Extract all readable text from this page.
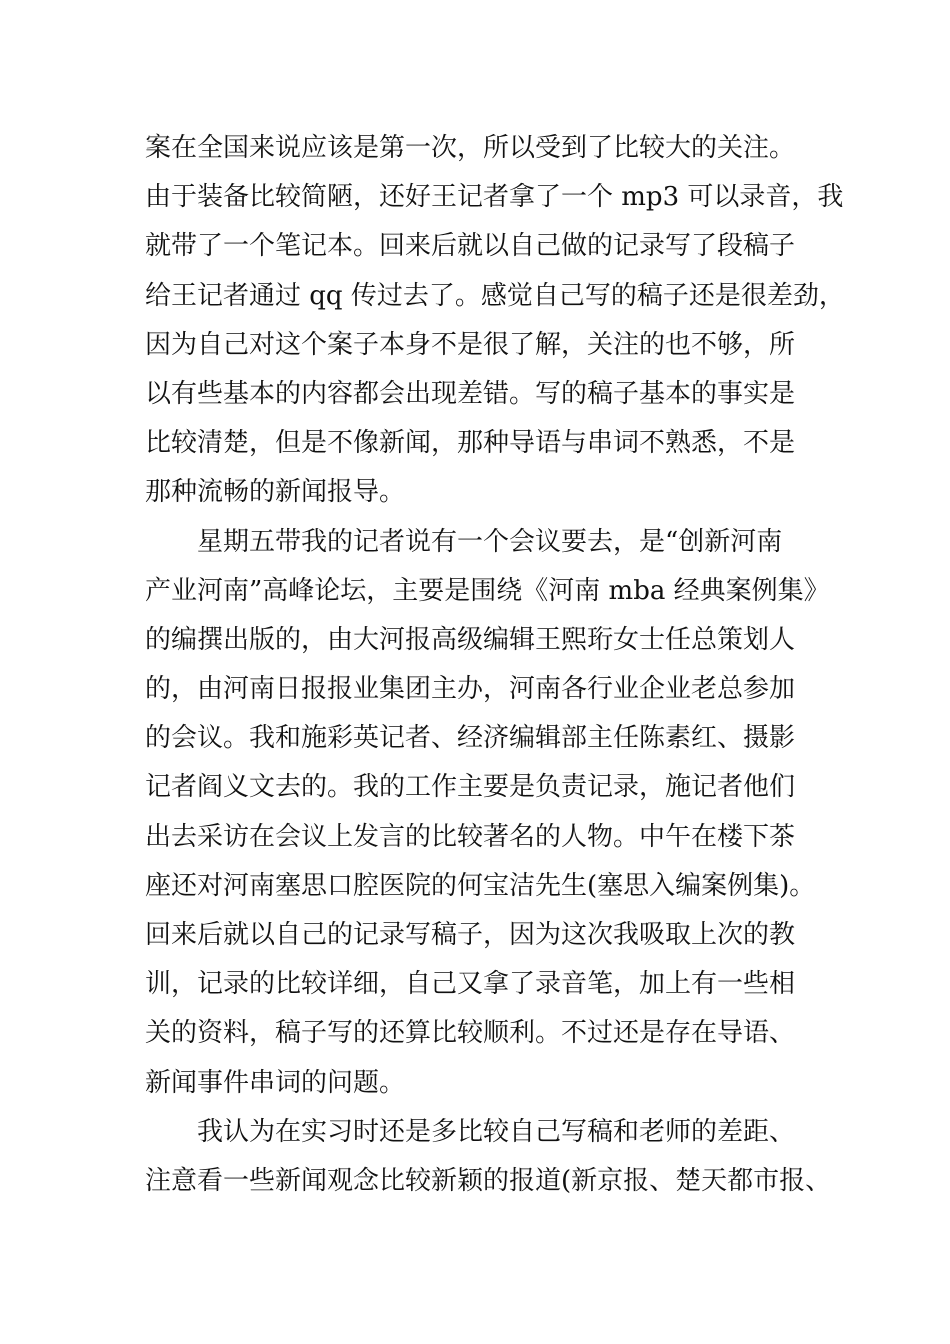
案在全国来说应该是第一次，所以受到了比较大的关注。
由于装备比较简陋，还好王记者拿了一个 mp3 可以录音，我
就带了一个笔记本。回来后就以自己做的记录写了段稿子
给王记者通过 qq 传过去了。感觉自己写的稿子还是很差劲，
因为自己对这个案子本身不是很了解，关注的也不够，所
以有些基本的内容都会出现差错。写的稿子基本的事实是
比较清楚，但是不像新闻，那种导语与串词不熟悉，不是
那种流畅的新闻报导。
　　星期五带我的记者说有一个会议要去，是“创新河南
产业河南”高峰论坛，主要是围绕《河南 mba 经典案例集》
的编撰出版的，由大河报高级编辑王熙珩女士任总策划人
的，由河南日报报业集团主办，河南各行业企业老总参加
的会议。我和施彩英记者、经济编辑部主任陈素红、摄影
记者阎义文去的。我的工作主要是负责记录，施记者他们
出去采访在会议上发言的比较著名的人物。中午在楼下茶
座还对河南塞思口腔医院的何宝洁先生(塞思入编案例集)。
回来后就以自己的记录写稿子，因为这次我吸取上次的教
训，记录的比较详细，自己又拿了录音笔，加上有一些相
关的资料，稿子写的还算比较顺利。不过还是存在导语、
新闻事件串词的问题。
　　我认为在实习时还是多比较自己写稿和老师的差距、
注意看一些新闻观念比较新颖的报道(新京报、楚天都市报、
